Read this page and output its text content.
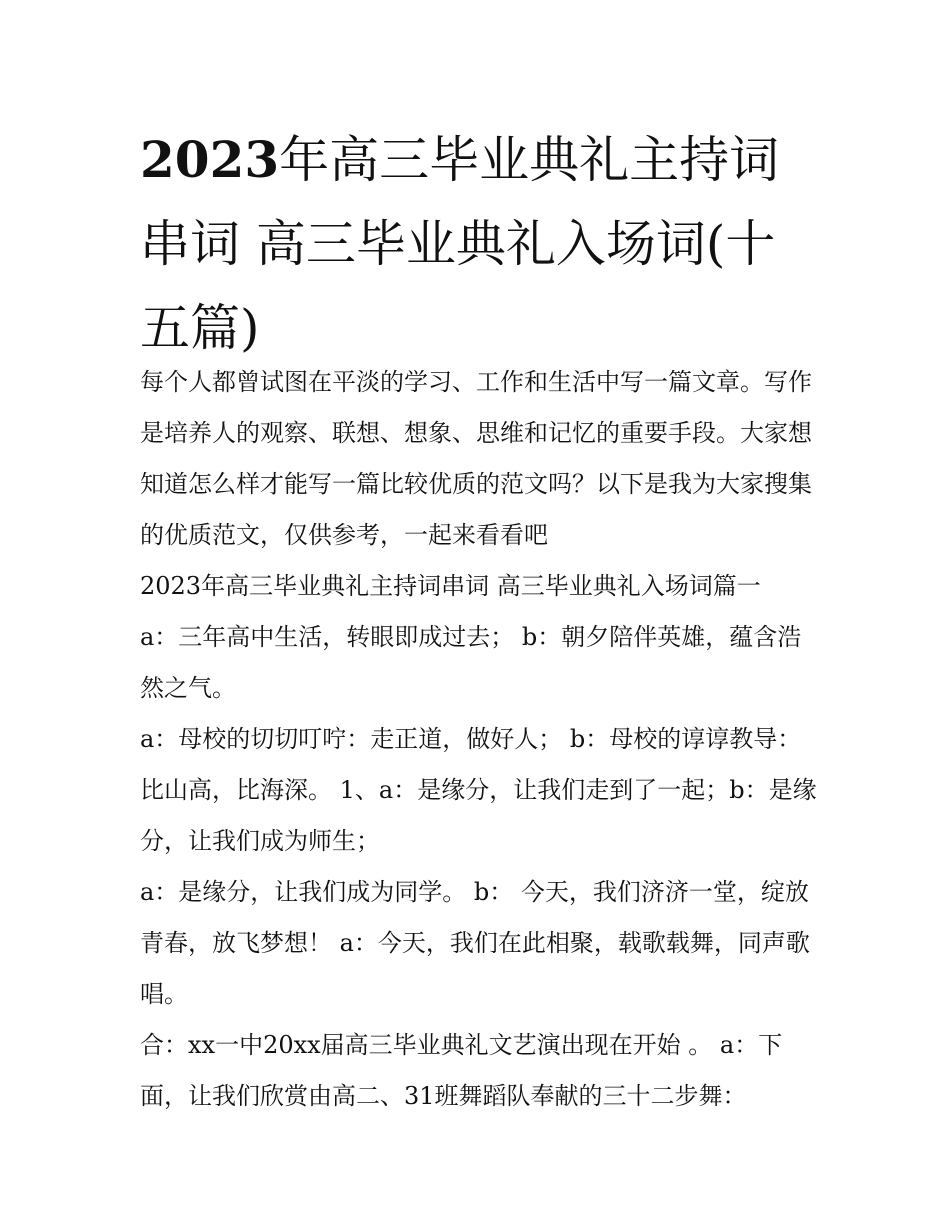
2023年高三毕业典礼主持词串词 高三毕业典礼入场词(十五篇)

每个人都曾试图在平淡的学习、工作和生活中写一篇文章。写作是培养人的观察、联想、想象、思维和记忆的重要手段。大家想知道怎么样才能写一篇比较优质的范文吗？以下是我为大家搜集的优质范文，仅供参考，一起来看看吧

2023年高三毕业典礼主持词串词 高三毕业典礼入场词篇一

a：三年高中生活，转眼即成过去； b：朝夕陪伴英雄，蕴含浩然之气。

a：母校的切切叮咛：走正道，做好人； b：母校的谆谆教导：比山高，比海深。 1、a：是缘分，让我们走到了一起；b：是缘分，让我们成为师生；

a：是缘分，让我们成为同学。 b： 今天，我们济济一堂，绽放青春，放飞梦想！ a：今天，我们在此相聚，载歌载舞，同声歌唱。

合：xx一中20xx届高三毕业典礼文艺演出现在开始 。 a：下面，让我们欣赏由高二、31班舞蹈队奉献的三十二步舞：
